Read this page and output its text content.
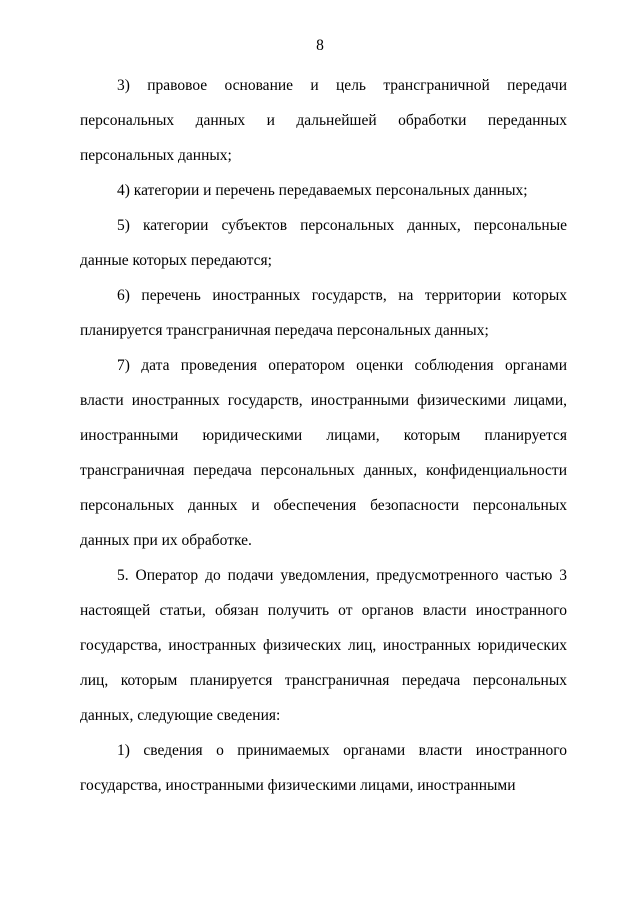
8

3) правовое основание и цель трансграничной передачи персональных данных и дальнейшей обработки переданных персональных данных;

4) категории и перечень передаваемых персональных данных;

5) категории субъектов персональных данных, персональные данные которых передаются;

6) перечень иностранных государств, на территории которых планируется трансграничная передача персональных данных;

7) дата проведения оператором оценки соблюдения органами власти иностранных государств, иностранными физическими лицами, иностранными юридическими лицами, которым планируется трансграничная передача персональных данных, конфиденциальности персональных данных и обеспечения безопасности персональных данных при их обработке.

5. Оператор до подачи уведомления, предусмотренного частью 3 настоящей статьи, обязан получить от органов власти иностранного государства, иностранных физических лиц, иностранных юридических лиц, которым планируется трансграничная передача персональных данных, следующие сведения:

1) сведения о принимаемых органами власти иностранного государства, иностранными физическими лицами, иностранными
